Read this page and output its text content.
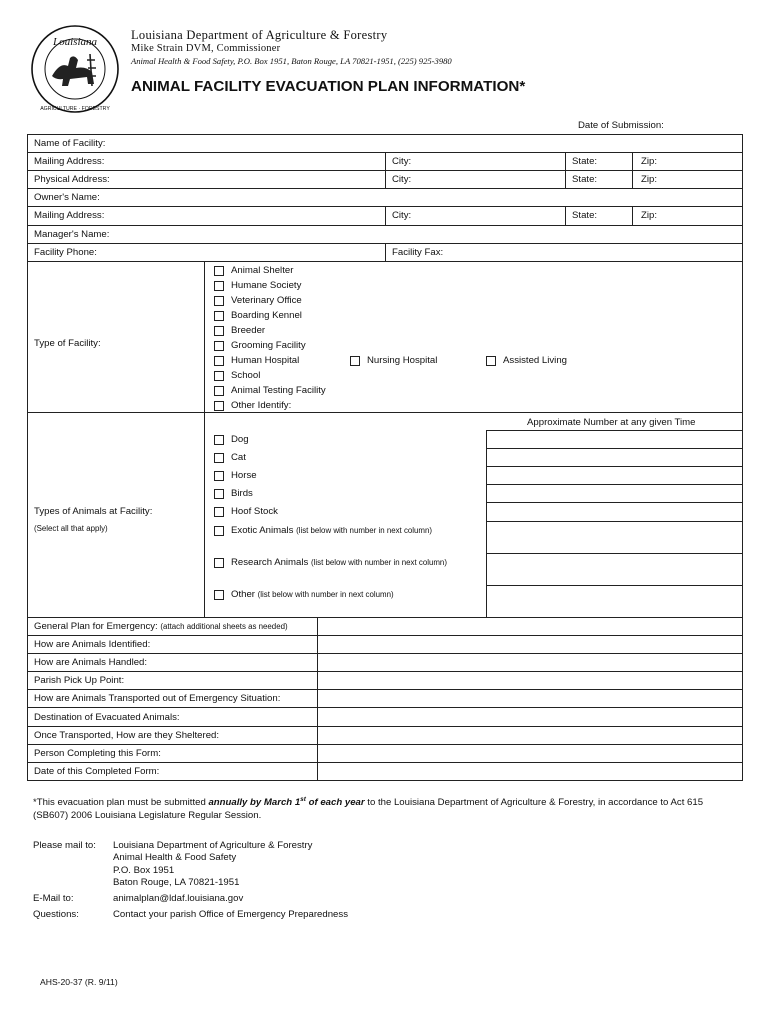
Louisiana
AGRICULTURE · FORESTRY
Louisiana Department of Agriculture & Forestry
Mike Strain DVM, Commissioner
Animal Health & Food Safety, P.O. Box 1951, Baton Rouge, LA 70821-1951, (225) 925-3980
ANIMAL FACILITY EVACUATION PLAN INFORMATION*
Date of Submission:
Name of Facility:
Mailing Address:	City:	State:	Zip:
Physical Address:	City:	State:	Zip:
Owner's Name:
Mailing Address:	City:	State:	Zip:
Manager's Name:
Facility Phone:	Facility Fax:
Type of Facility:
Animal Shelter
Humane Society
Veterinary Office
Boarding Kennel
Breeder
Grooming Facility
Human Hospital	Nursing Hospital	Assisted Living
School
Animal Testing Facility
Other Identify:
Approximate Number at any given Time
Types of Animals at Facility:
(Select all that apply)
Dog
Cat
Horse
Birds
Hoof Stock
Exotic Animals (list below with number in next column)
Research Animals (list below with number in next column)
Other (list below with number in next column)
General Plan for Emergency: (attach additional sheets as needed)
How are Animals Identified:
How are Animals Handled:
Parish Pick Up Point:
How are Animals Transported out of Emergency Situation:
Destination of Evacuated Animals:
Once Transported, How are they Sheltered:
Person Completing this Form:
Date of this Completed Form:
*This evacuation plan must be submitted annually by March 1st of each year to the Louisiana Department of Agriculture & Forestry, in accordance to Act 615 (SB607) 2006 Louisiana Legislature Regular Session.
Please mail to: Louisiana Department of Agriculture & Forestry
Animal Health & Food Safety
P.O. Box 1951
Baton Rouge, LA 70821-1951
E-Mail to:	animalplan@ldaf.louisiana.gov
Questions:	Contact your parish Office of Emergency Preparedness
AHS-20-37 (R. 9/11)
